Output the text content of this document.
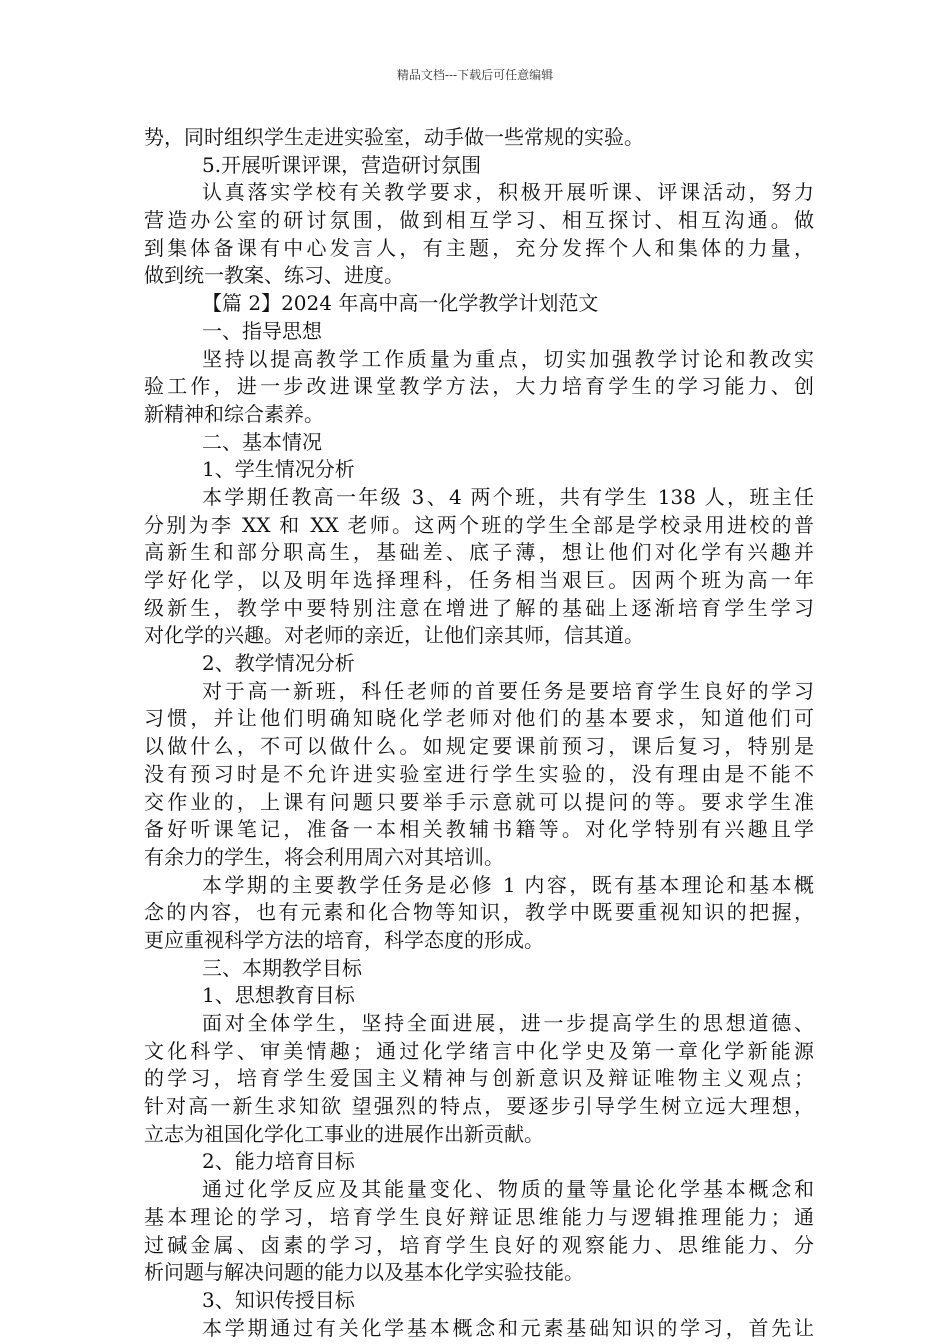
精品文档---下载后可任意编辑
势，同时组织学生走进实验室，动手做一些常规的实验。
5.开展听课评课，营造研讨氛围
认真落实学校有关教学要求，积极开展听课、评课活动，努力
营造办公室的研讨氛围，做到相互学习、相互探讨、相互沟通。做
到集体备课有中心发言人，有主题，充分发挥个人和集体的力量，
做到统一教案、练习、进度。
【篇 2】2024 年高中高一化学教学计划范文
一、指导思想
坚持以提高教学工作质量为重点，切实加强教学讨论和教改实
验工作，进一步改进课堂教学方法，大力培育学生的学习能力、创
新精神和综合素养。
二、基本情况
1、学生情况分析
本学期任教高一年级 3、4 两个班，共有学生 138 人，班主任
分别为李 XX 和 XX 老师。这两个班的学生全部是学校录用进校的普
高新生和部分职高生，基础差、底子薄，想让他们对化学有兴趣并
学好化学，以及明年选择理科，任务相当艰巨。因两个班为高一年
级新生，教学中要特别注意在增进了解的基础上逐渐培育学生学习
对化学的兴趣。对老师的亲近，让他们亲其师，信其道。
2、教学情况分析
对于高一新班，科任老师的首要任务是要培育学生良好的学习
习惯，并让他们明确知晓化学老师对他们的基本要求，知道他们可
以做什么，不可以做什么。如规定要课前预习，课后复习，特别是
没有预习时是不允许进实验室进行学生实验的，没有理由是不能不
交作业的，上课有问题只要举手示意就可以提问的等。要求学生准
备好听课笔记，准备一本相关教辅书籍等。对化学特别有兴趣且学
有余力的学生，将会利用周六对其培训。
本学期的主要教学任务是必修 1 内容，既有基本理论和基本概
念的内容，也有元素和化合物等知识，教学中既要重视知识的把握，
更应重视科学方法的培育，科学态度的形成。
三、本期教学目标
1、思想教育目标
面对全体学生，坚持全面进展，进一步提高学生的思想道德、
文化科学、审美情趣；通过化学绪言中化学史及第一章化学新能源
的学习，培育学生爱国主义精神与创新意识及辩证唯物主义观点；
针对高一新生求知欲 望强烈的特点，要逐步引导学生树立远大理想，
立志为祖国化学化工事业的进展作出新贡献。
2、能力培育目标
通过化学反应及其能量变化、物质的量等量论化学基本概念和
基本理论的学习，培育学生良好辩证思维能力与逻辑推理能力；通
过碱金属、卤素的学习，培育学生良好的观察能力、思维能力、分
析问题与解决问题的能力以及基本化学实验技能。
3、知识传授目标
本学期通过有关化学基本概念和元素基础知识的学习，首先让
